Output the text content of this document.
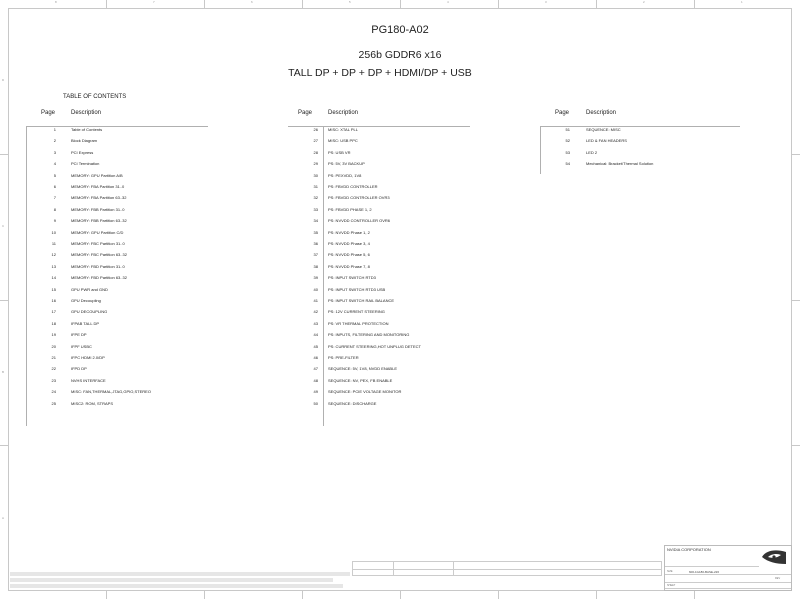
8	7	6	5	4	3	2	1
D
C
B
A
PG180-A02
256b GDDR6 x16
TALL DP + DP + DP + HDMI/DP + USB
TABLE OF CONTENTS
Page	Description
1	Table of Contents
2	Block Diagram
3	PCI Express
4	PCI Termination
5	MEMORY: GPU Partition A/B
6	MEMORY: FBA Partition 31..0
7	MEMORY: FBA Partition 63..32
8	MEMORY: FBB Partition 31..0
9	MEMORY: FBB Partition 63..32
10	MEMORY: GPU Partition C/D
11	MEMORY: FBC Partition 31..0
12	MEMORY: FBC Partition 63..32
13	MEMORY: FBD Partition 31..0
14	MEMORY: FBD Partition 63..32
15	GPU PWR and GND
16	GPU Decoupling
17	GPU DECOUPLING
18	IFPAB TALL DP
19	IFPE DP
20	IFPF USBC
21	IFPC HDMI 2.0/DP
22	IFPD DP
23	NVHS INTERFACE
24	MISC: FAN,THERMAL,JTAG,GPIO,STEREO
25	MISC2: ROM, STRAPS
Page	Description
26	MISC: XTAL PLL
27	MISC: USB PPC
28	PS: USB VR
29	PS: 5V, 3V BACKUP
30	PS: PEXVDD, 1V8
31	PS: FBVDD CONTROLLER
32	PS: FBVDD CONTROLLER OVR3
33	PS: FBVDD PHASE 1, 2
34	PS: NVVDD CONTROLLER OVR6
35	PS: NVVDD Phase 1, 2
36	PS: NVVDD Phase 3, 4
37	PS: NVVDD Phase 5, 6
38	PS: NVVDD Phase 7, 8
39	PS: INPUT SWITCH RTD3
40	PS: INPUT SWITCH RTD3 USB
41	PS: INPUT SWITCH RAIL BALANCE
42	PS: 12V CURRENT STEERING
43	PS: VR THERMAL PROTECTION
44	PS: INPUTS, FILTERING AND MONITORING
45	PS: CURRENT STEERING,HOT UNPLUG DETECT
46	PS: PRE-FILTER
47	SEQUENCE: 5V, 1V8, NVDD ENABLE
48	SEQUENCE: NV, PEX, FB ENABLE
49	SEQUENCE: PCIE VOLTAGE MONITOR
50	SEQUENCE: DISCHARGE
Page	Description
51	SEQUENCE: MISC
52	LED & FAN HEADERS
53	LED 2
54	Mechanical: Bracket/Thermal Solution
NVIDIA CORPORATION
SIZE	600-1G180-BASE-226
SHEET
REV
